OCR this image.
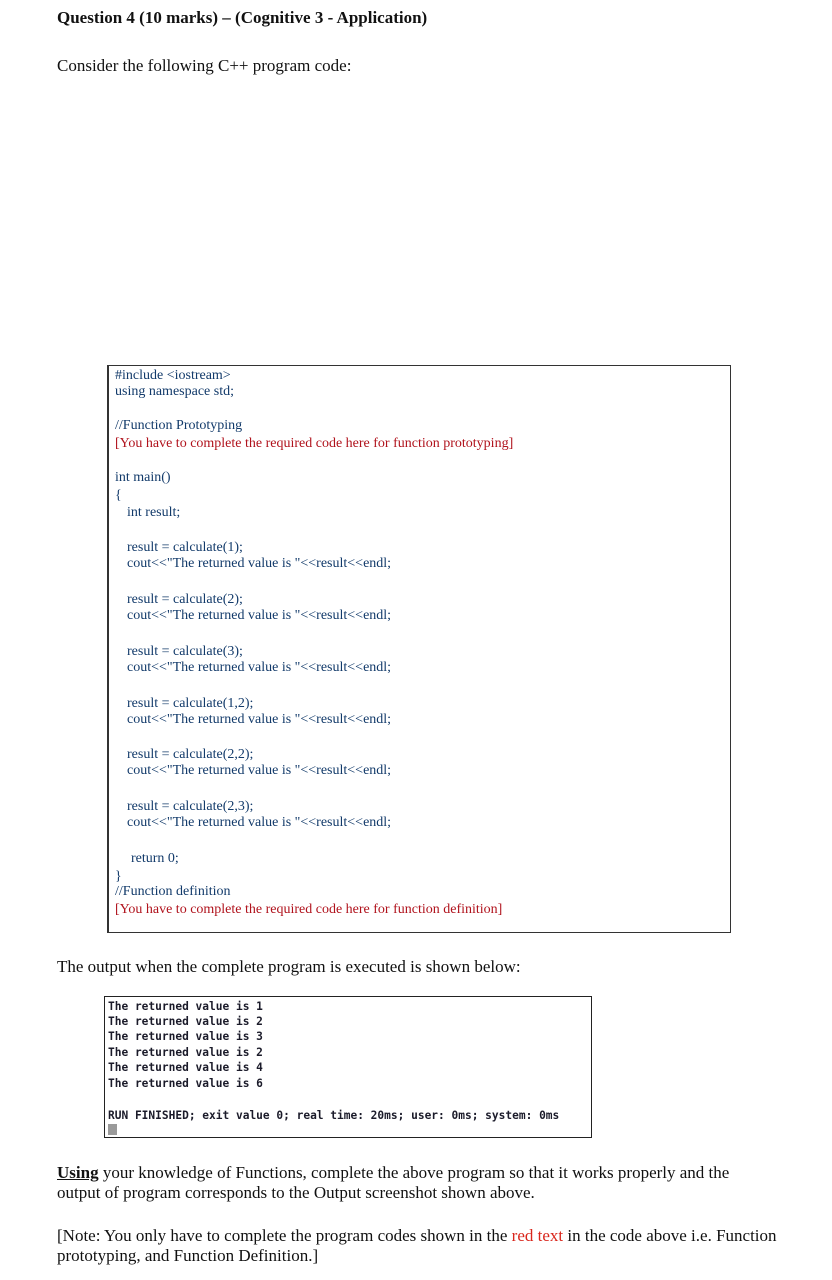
Question 4 (10 marks) – (Cognitive 3 - Application)
Consider the following C++ program code:
#include <iostream>
using namespace std;
//Function Prototyping
[You have to complete the required code here for function prototyping]
int main()
{
int result;
result = calculate(1);
cout<<"The returned value is "<<result<<endl;
result = calculate(2);
cout<<"The returned value is "<<result<<endl;
result = calculate(3);
cout<<"The returned value is "<<result<<endl;
result = calculate(1,2);
cout<<"The returned value is "<<result<<endl;
result = calculate(2,2);
cout<<"The returned value is "<<result<<endl;
result = calculate(2,3);
cout<<"The returned value is "<<result<<endl;
return 0;
}
//Function definition
[You have to complete the required code here for function definition]
The output when the complete program is executed is shown below:
The returned value is 1
The returned value is 2
The returned value is 3
The returned value is 2
The returned value is 4
The returned value is 6
RUN FINISHED; exit value 0; real time: 20ms; user: 0ms; system: 0ms
Using your knowledge of Functions, complete the above program so that it works properly and the output of program corresponds to the Output screenshot shown above.
[Note: You only have to complete the program codes shown in the red text in the code above i.e. Function prototyping, and Function Definition.]
